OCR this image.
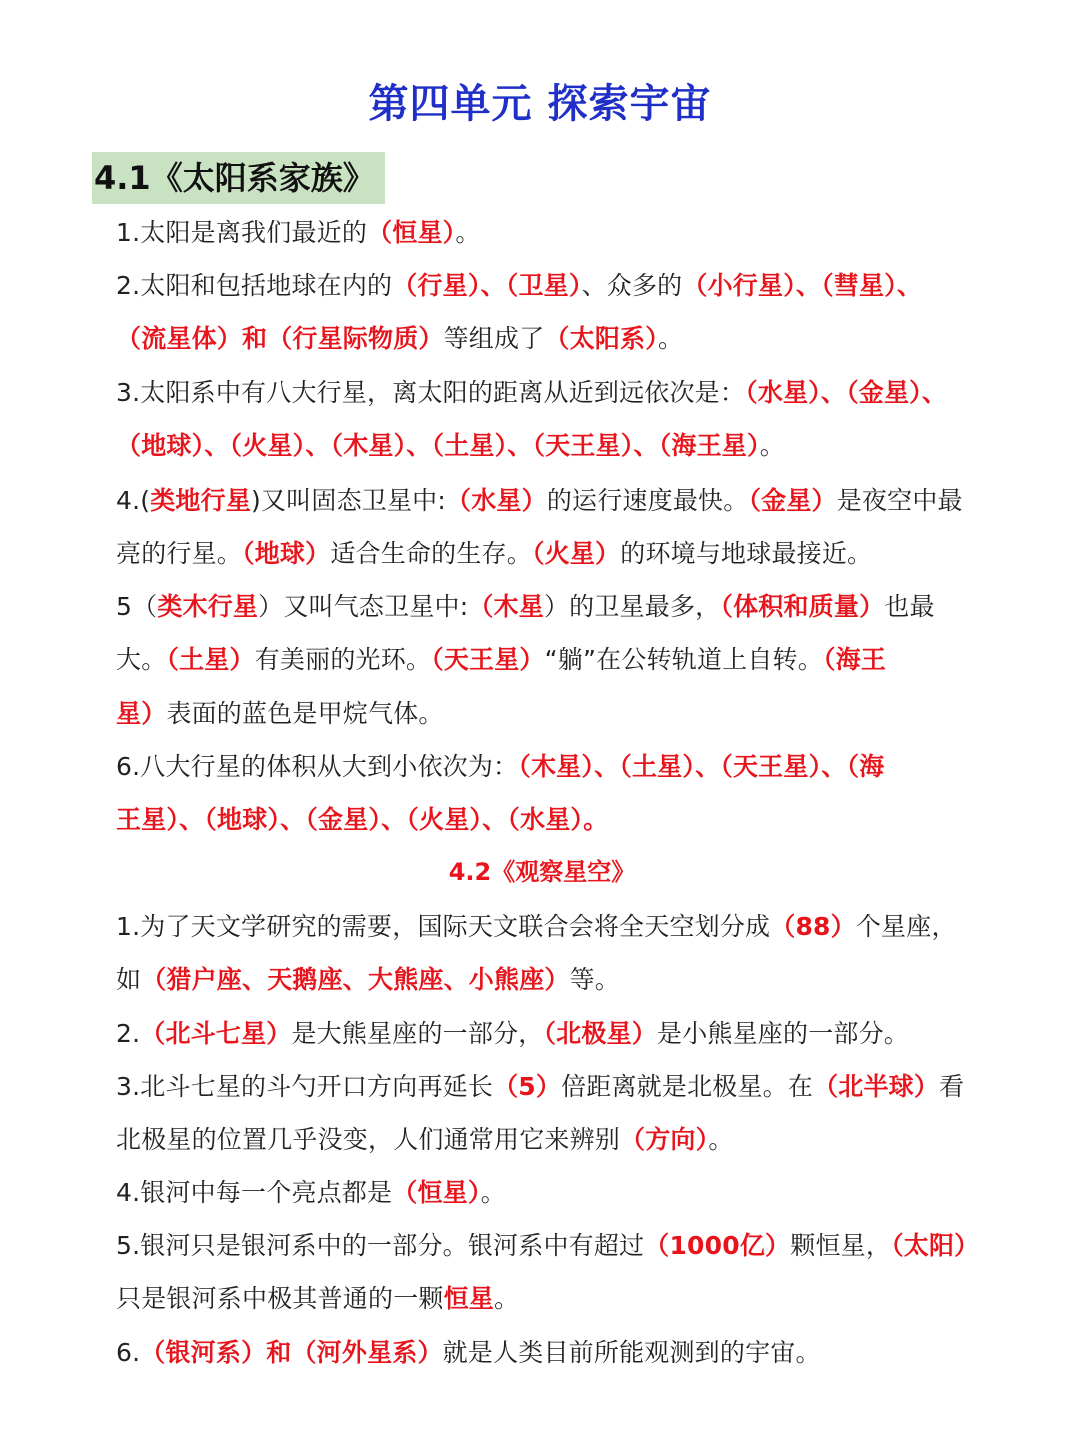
第四单元 探索宇宙
4.1《太阳系家族》
1.太阳是离我们最近的（恒星）。
2.太阳和包括地球在内的（行星）、（卫星）、众多的（小行星）、（彗星）、
（流星体）和（行星际物质）等组成了（太阳系）。
3.太阳系中有八大行星，离太阳的距离从近到远依次是：（水星）、（金星）、
（地球）、（火星）、（木星）、（土星）、（天王星）、（海王星）。
4.(类地行星)又叫固态卫星中:（水星）的运行速度最快。（金星）是夜空中最
亮的行星。（地球）适合生命的生存。（火星）的环境与地球最接近。
5（类木行星）又叫气态卫星中:（木星）的卫星最多，（体积和质量）也最
大。（土星）有美丽的光环。（天王星）“躺”在公转轨道上自转。（海王
星）表面的蓝色是甲烷气体。
6.八大行星的体积从大到小依次为：（木星）、（土星）、（天王星）、（海
王星）、（地球）、（金星）、（火星）、（水星）。
4.2《观察星空》
1.为了天文学研究的需要，国际天文联合会将全天空划分成（88）个星座，
如（猎户座、天鹅座、大熊座、小熊座）等。
2.（北斗七星）是大熊星座的一部分，（北极星）是小熊星座的一部分。
3.北斗七星的斗勺开口方向再延长（5）倍距离就是北极星。在（北半球）看
北极星的位置几乎没变，人们通常用它来辨别（方向）。
4.银河中每一个亮点都是（恒星）。
5.银河只是银河系中的一部分。银河系中有超过（1000亿）颗恒星，（太阳）
只是银河系中极其普通的一颗恒星。
6.（银河系）和（河外星系）就是人类目前所能观测到的宇宙。
